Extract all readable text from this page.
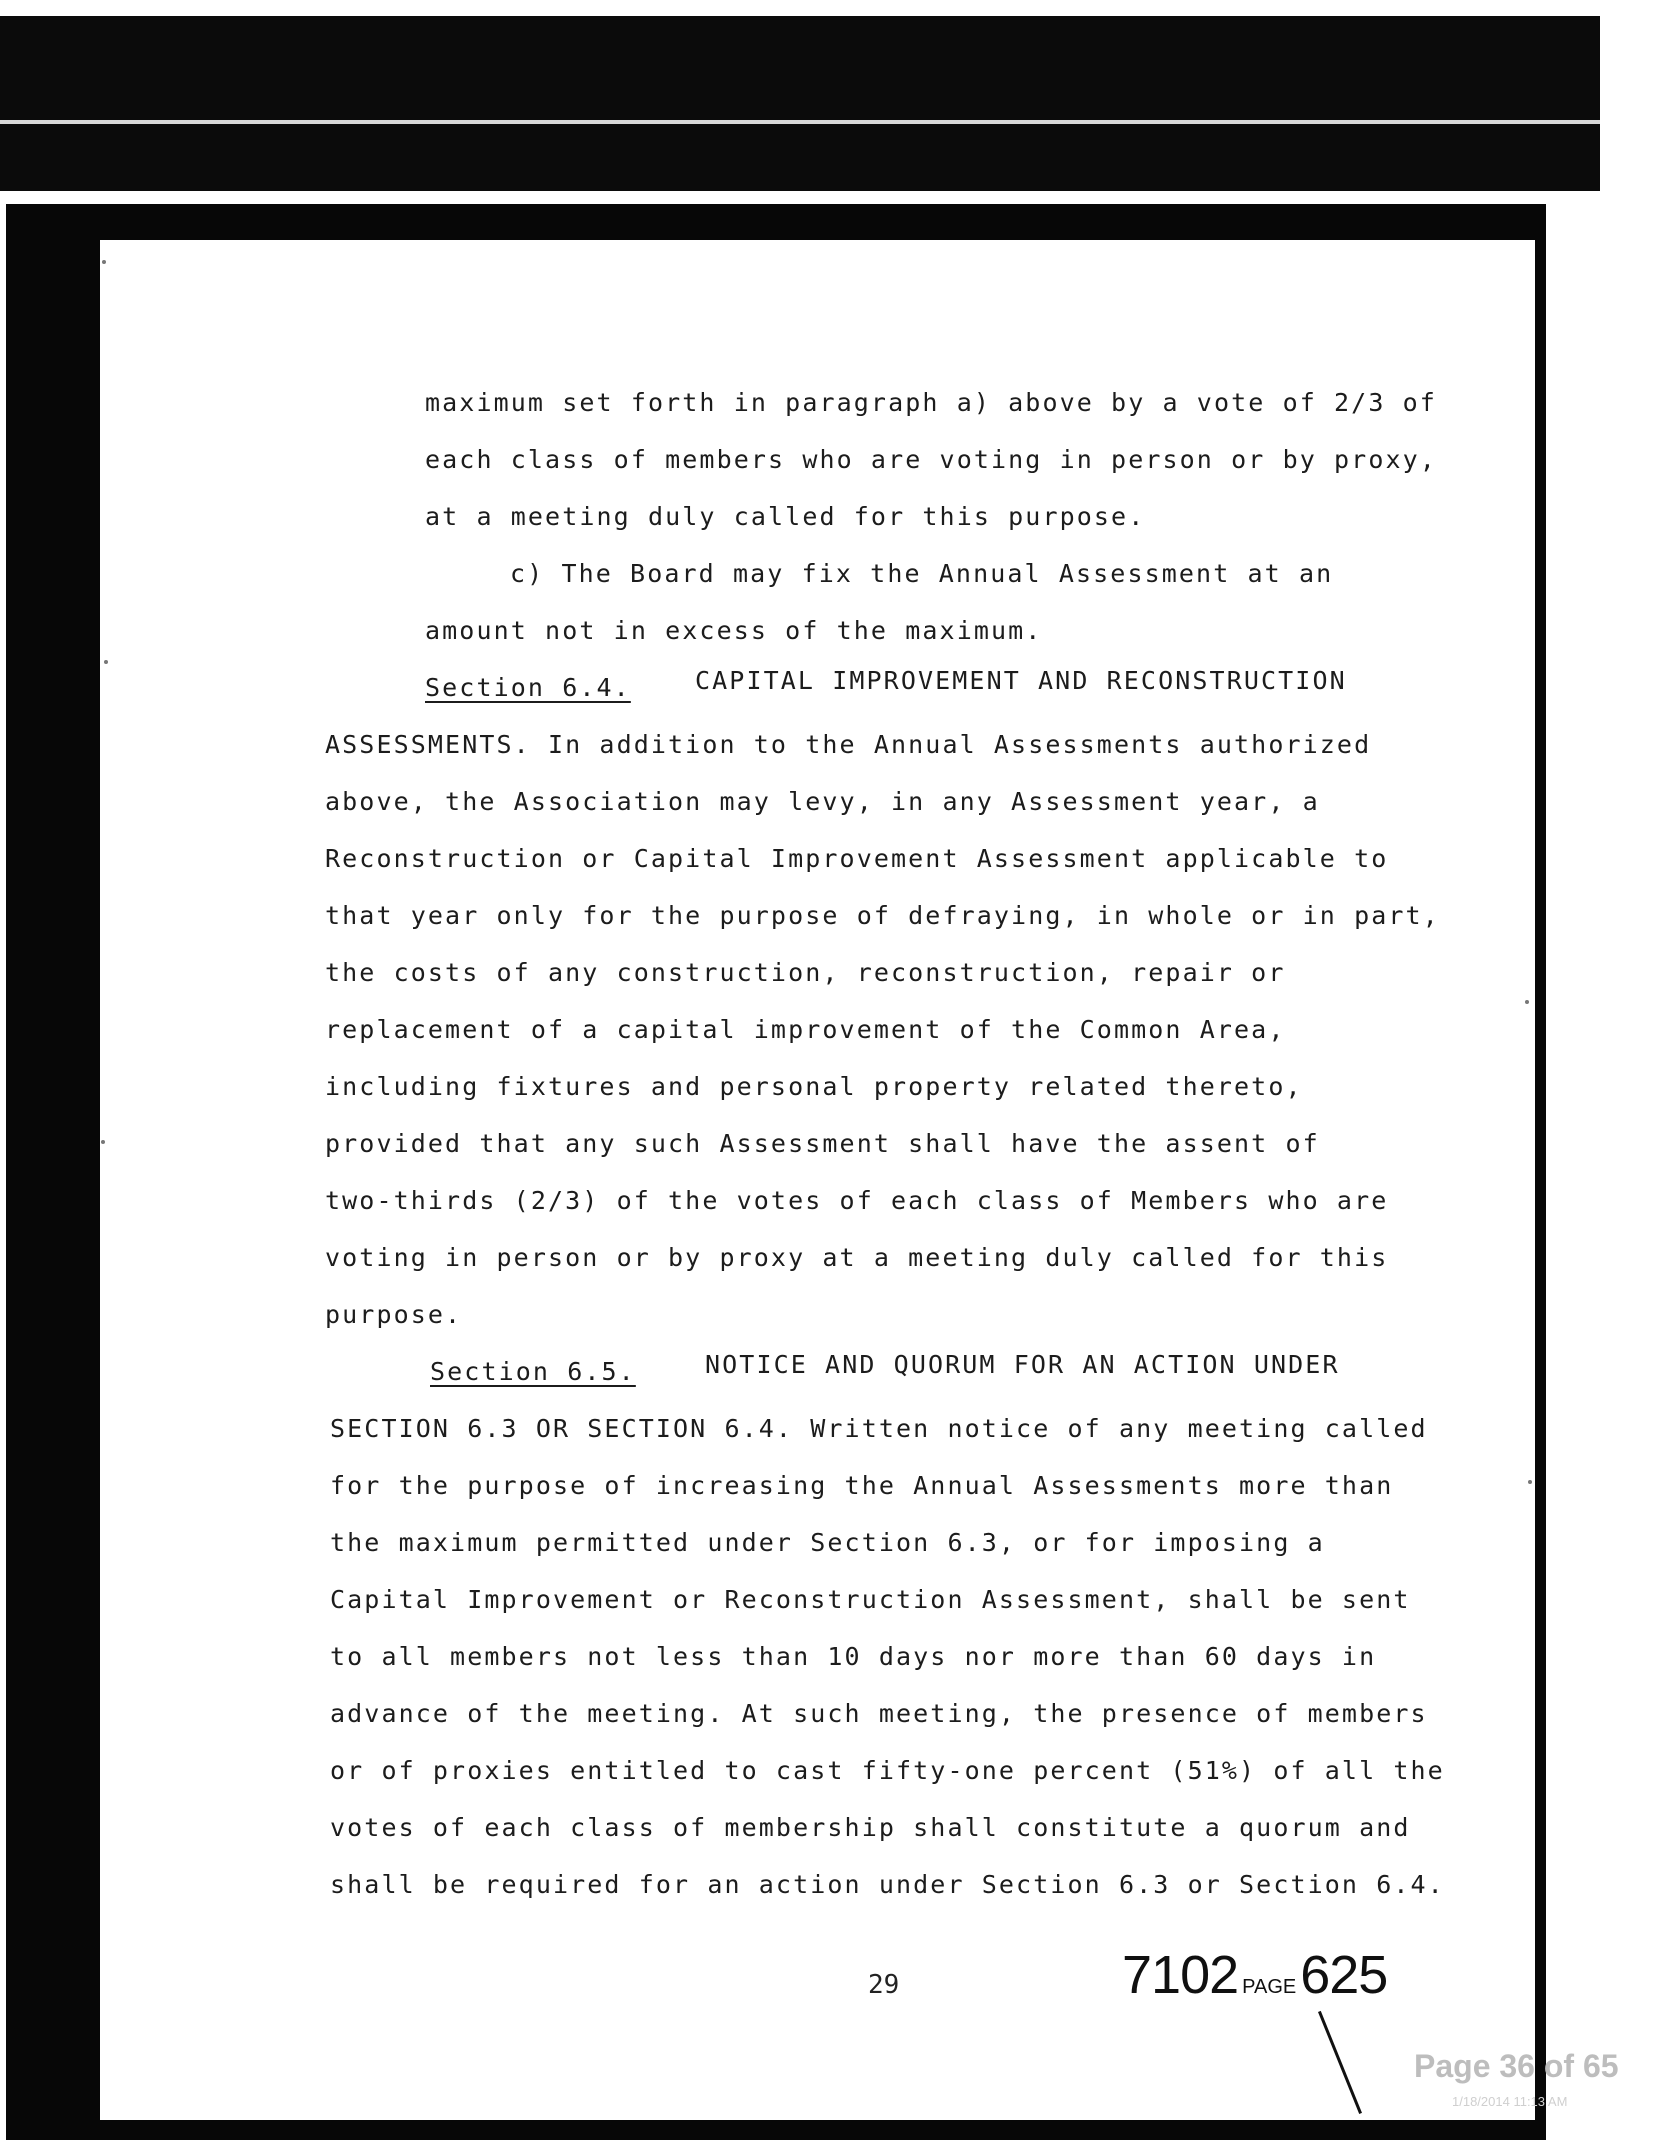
maximum set forth in paragraph a) above by a vote of 2/3 of
each class of members who are voting in person or by proxy,
at a meeting duly called for this purpose.
c) The Board may fix the Annual Assessment at an
amount not in excess of the maximum.
Section 6.4.	CAPITAL IMPROVEMENT AND RECONSTRUCTION
ASSESSMENTS. In addition to the Annual Assessments authorized
above, the Association may levy, in any Assessment year, a
Reconstruction or Capital Improvement Assessment applicable to
that year only for the purpose of defraying, in whole or in part,
the costs of any construction, reconstruction, repair or
replacement of a capital improvement of the Common Area,
including fixtures and personal property related thereto,
provided that any such Assessment shall have the assent of
two-thirds (2/3) of the votes of each class of Members who are
voting in person or by proxy at a meeting duly called for this
purpose.
Section 6.5.	NOTICE AND QUORUM FOR AN ACTION UNDER
SECTION 6.3 OR SECTION 6.4. Written notice of any meeting called
for the purpose of increasing the Annual Assessments more than
the maximum permitted under Section 6.3, or for imposing a
Capital Improvement or Reconstruction Assessment, shall be sent
to all members not less than 10 days nor more than 60 days in
advance of the meeting. At such meeting, the presence of members
or of proxies entitled to cast fifty-one percent (51%) of all the
votes of each class of membership shall constitute a quorum and
shall be required for an action under Section 6.3 or Section 6.4.
29	7102 PAGE625
Page 36 of 65
1/18/2014 11:13 AM
